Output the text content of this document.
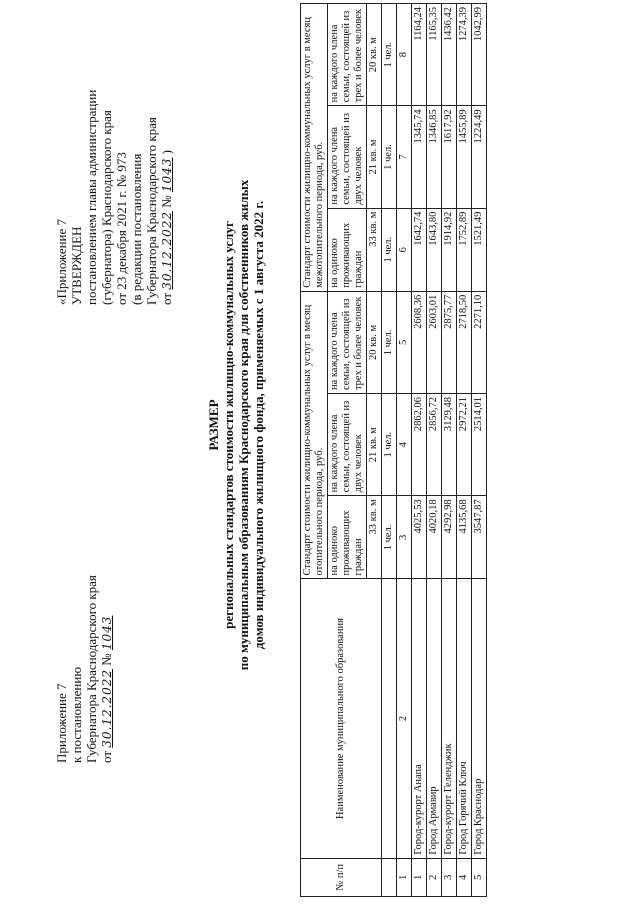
Приложение 7 к постановлению Губернатора Краснодарского края от 30.12.2022 № 1043
«Приложение 7 УТВЕРЖДЕН постановлением главы администрации (губернатора) Краснодарского края от 23 декабря 2021 г. № 973 (в редакции постановления Губернатора Краснодарского края от 30.12.2022 № 1043 )
РАЗМЕР региональных стандартов стоимости жилищно-коммунальных услуг по муниципальным образованиям Краснодарского края для собственников жилых домов индивидуального жилищного фонда, применяемых с 1 августа 2022 г.
№ п/п	Наименование муниципального образования	Стандарт стоимости жилищно-коммунальных услуг в месяц отопительного периода, руб.			Стандарт стоимости жилищно-коммунальных услуг в месяц межотопительного периода, руб.		
		на одиноко проживающих граждан	на каждого члена семьи, состоящей из двух человек	на каждого члена семьи, состоящей из трех и более человек	на одиноко проживающих граждан	на каждого члена семьи, состоящей из двух человек	на каждого члена семьи, состоящей из трех и более человек
		33 кв. м	21 кв. м	20 кв. м	33 кв. м	21 кв. м	20 кв. м
		1 чел.	1 чел.	1 чел.	1 чел.	1 чел.	1 чел.
1	2	3	4	5	6	7	8
1	Город-курорт Анапа	4025,53	2862,06	2608,36	1642,74	1345,74	1164,24
2	Город Армавир	4020,18	2856,72	2603,01	1643,80	1346,85	1165,35
3	Город-курорт Геленджик	4292,98	3129,48	2875,77	1914,92	1617,92	1436,42
4	Город Горячий Ключ	4135,68	2972,21	2718,50	1752,89	1455,89	1274,39
5	Город Краснодар	3547,87	2514,01	2271,10	1521,49	1224,49	1042,99
